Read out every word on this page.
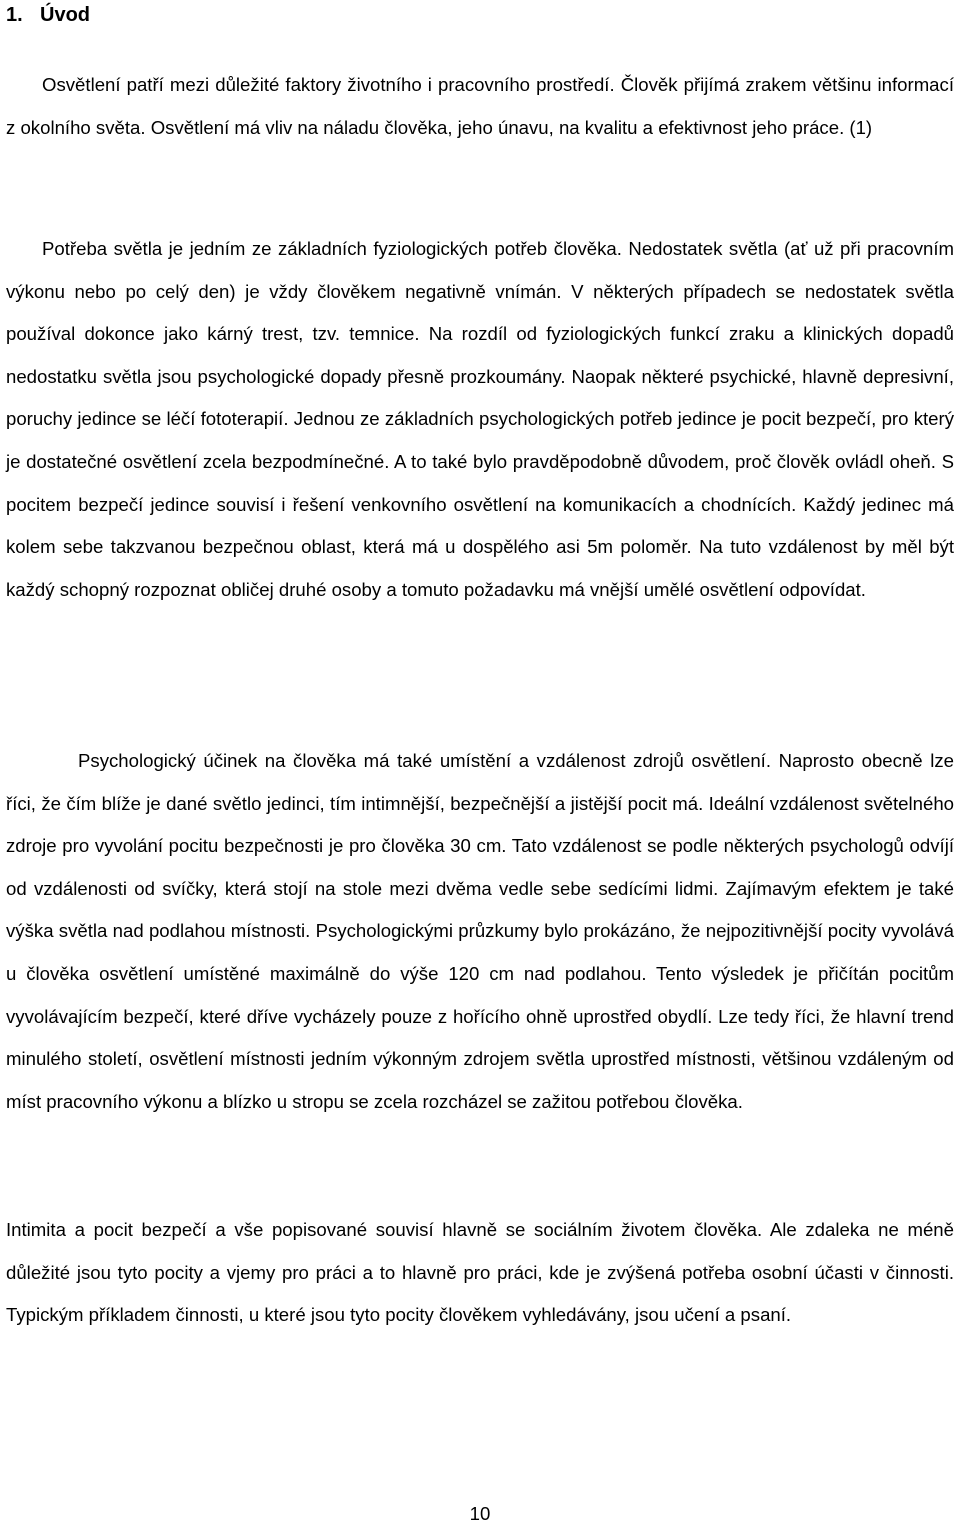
1. Úvod

Osvětlení patří mezi důležité faktory životního i pracovního prostředí. Člověk přijímá zrakem většinu informací z okolního světa. Osvětlení má vliv na náladu člověka, jeho únavu, na kvalitu a efektivnost jeho práce. (1)

Potřeba světla je jedním ze základních fyziologických potřeb člověka. Nedostatek světla (ať už při pracovním výkonu nebo po celý den) je vždy člověkem negativně vnímán. V některých případech se nedostatek světla používal dokonce jako kárný trest, tzv. temnice. Na rozdíl od fyziologických funkcí zraku a klinických dopadů nedostatku světla jsou psychologické dopady přesně prozkoumány. Naopak některé psychické, hlavně depresivní, poruchy jedince se léčí fototerapií. Jednou ze základních psychologických potřeb jedince je pocit bezpečí, pro který je dostatečné osvětlení zcela bezpodmínečné. A to také bylo pravděpodobně důvodem, proč člověk ovládl oheň. S pocitem bezpečí jedince souvisí i řešení venkovního osvětlení na komunikacích a chodnících. Každý jedinec má kolem sebe takzvanou bezpečnou oblast, která má u dospělého asi 5m poloměr. Na tuto vzdálenost by měl být každý schopný rozpoznat obličej druhé osoby a tomuto požadavku má vnější umělé osvětlení odpovídat.

Psychologický účinek na člověka má také umístění a vzdálenost zdrojů osvětlení. Naprosto obecně lze říci, že čím blíže je dané světlo jedinci, tím intimnější, bezpečnější a jistější pocit má. Ideální vzdálenost světelného zdroje pro vyvolání pocitu bezpečnosti je pro člověka 30 cm. Tato vzdálenost se podle některých psychologů odvíjí od vzdálenosti od svíčky, která stojí na stole mezi dvěma vedle sebe sedícími lidmi. Zajímavým efektem je také výška světla nad podlahou místnosti. Psychologickými průzkumy bylo prokázáno, že nejpozitivnější pocity vyvolává u člověka osvětlení umístěné maximálně do výše 120 cm nad podlahou. Tento výsledek je přičítán pocitům vyvolávajícím bezpečí, které dříve vycházely pouze z hořícího ohně uprostřed obydlí. Lze tedy říci, že hlavní trend minulého století, osvětlení místnosti jedním výkonným zdrojem světla uprostřed místnosti, většinou vzdáleným od míst pracovního výkonu a blízko u stropu se zcela rozcházel se zažitou potřebou člověka.

Intimita a pocit bezpečí a vše popisované souvisí hlavně se sociálním životem člověka. Ale zdaleka ne méně důležité jsou tyto pocity a vjemy pro práci a to hlavně pro práci, kde je zvýšená potřeba osobní účasti v činnosti. Typickým příkladem činnosti, u které jsou tyto pocity člověkem vyhledávány, jsou učení a psaní.

10
